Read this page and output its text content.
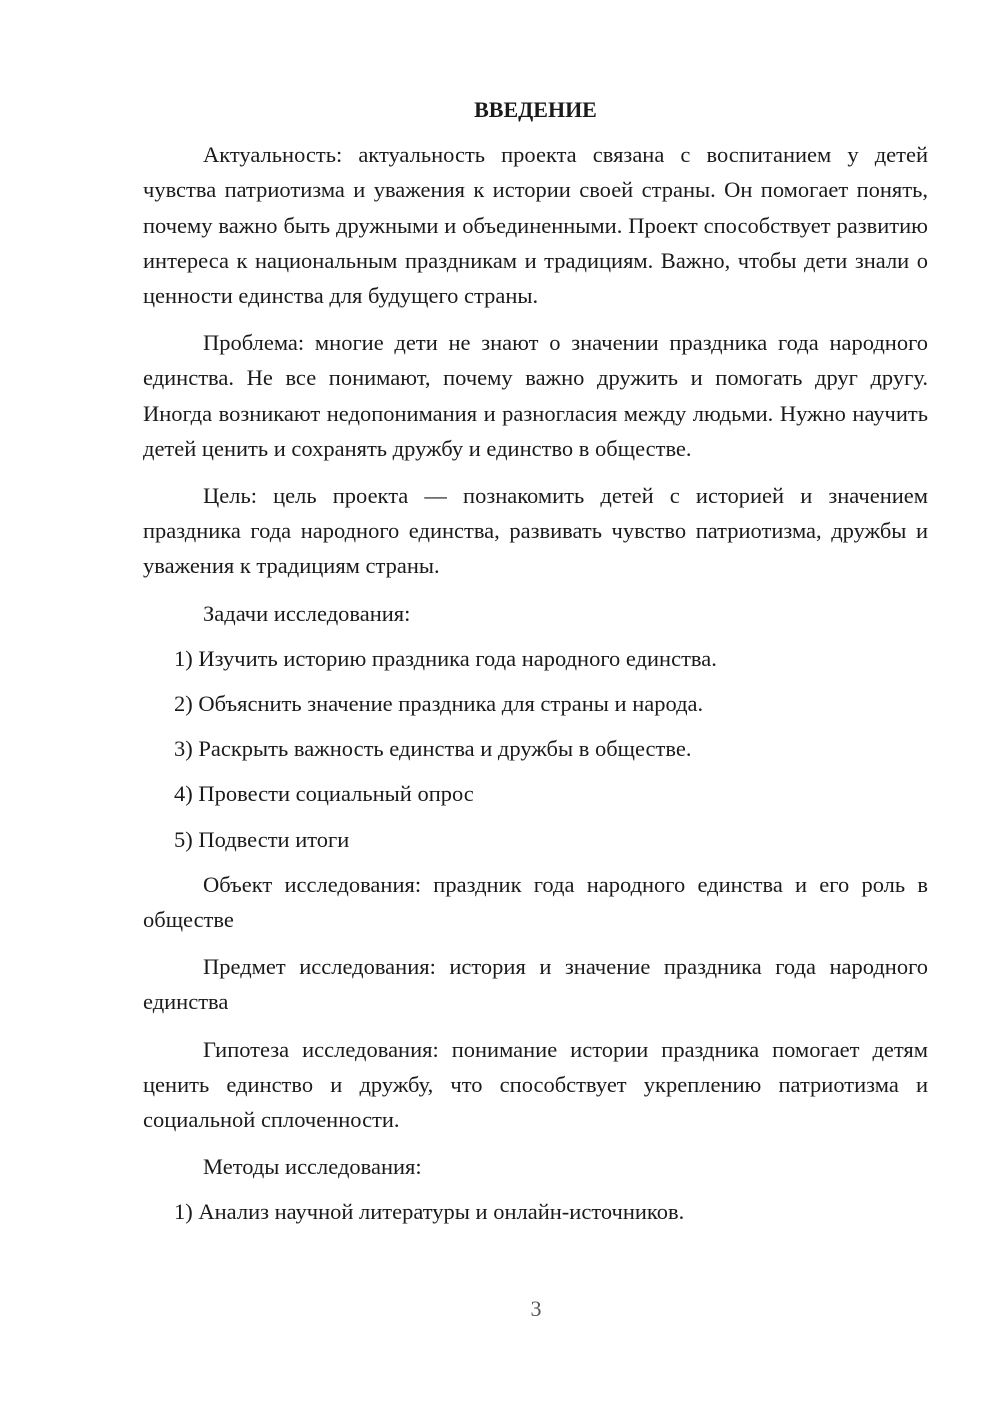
ВВЕДЕНИЕ

Актуальность: актуальность проекта связана с воспитанием у детей чувства патриотизма и уважения к истории своей страны. Он помогает понять, почему важно быть дружными и объединенными. Проект способствует развитию интереса к национальным праздникам и традициям. Важно, чтобы дети знали о ценности единства для будущего страны.

Проблема: многие дети не знают о значении праздника года народного единства. Не все понимают, почему важно дружить и помогать друг другу. Иногда возникают недопонимания и разногласия между людьми. Нужно научить детей ценить и сохранять дружбу и единство в обществе.

Цель: цель проекта — познакомить детей с историей и значением праздника года народного единства, развивать чувство патриотизма, дружбы и уважения к традициям страны.

Задачи исследования:

1) Изучить историю праздника года народного единства.

2) Объяснить значение праздника для страны и народа.

3) Раскрыть важность единства и дружбы в обществе.

4) Провести социальный опрос

5) Подвести итоги

Объект исследования: праздник года народного единства и его роль в обществе

Предмет исследования: история и значение праздника года народного единства

Гипотеза исследования: понимание истории праздника помогает детям ценить единство и дружбу, что способствует укреплению патриотизма и социальной сплоченности.

Методы исследования:

1) Анализ научной литературы и онлайн-источников.

3
